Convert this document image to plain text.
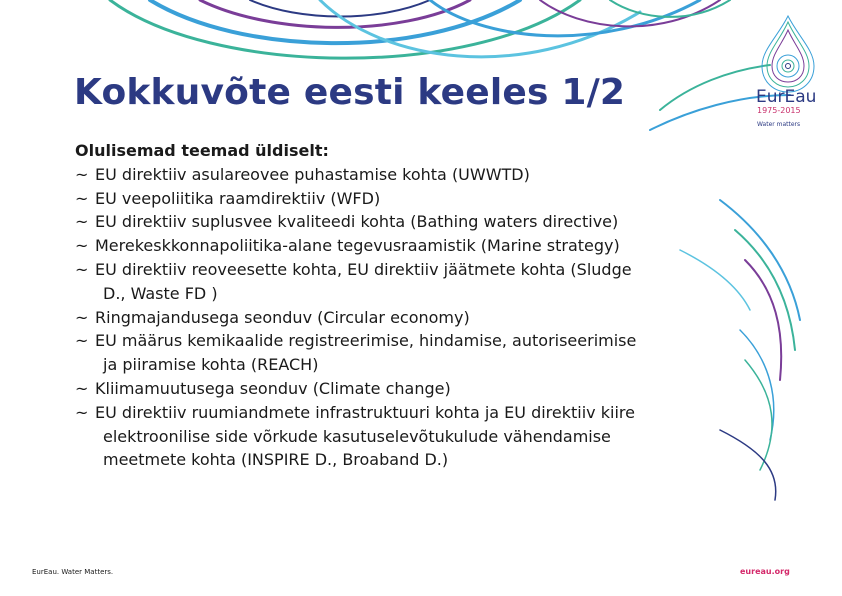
EurEau
1975-2015
Water matters
Kokkuvõte eesti keeles 1/2
Olulisemad teemad üldiselt:
~ EU direktiiv asulareovee puhastamise kohta (UWWTD)
~ EU veepoliitika raamdirektiiv (WFD)
~ EU direktiiv suplusvee kvaliteedi kohta (Bathing waters directive)
~ Merekeskkonnapoliitika-alane tegevusraamistik (Marine strategy)
~ EU direktiiv reoveesette kohta, EU direktiiv jäätmete kohta (Sludge
D., Waste FD )
~ Ringmajandusega seonduv (Circular economy)
~ EU määrus kemikaalide registreerimise, hindamise, autoriseerimise
ja piiramise kohta (REACH)
~ Kliimamuutusega seonduv (Climate change)
~ EU direktiiv ruumiandmete infrastruktuuri kohta ja EU direktiiv kiire
elektroonilise side võrkude kasutuselevõtukulude vähendamise
meetmete kohta (INSPIRE D., Broaband D.)
EurEau. Water Matters.	eureau.org
